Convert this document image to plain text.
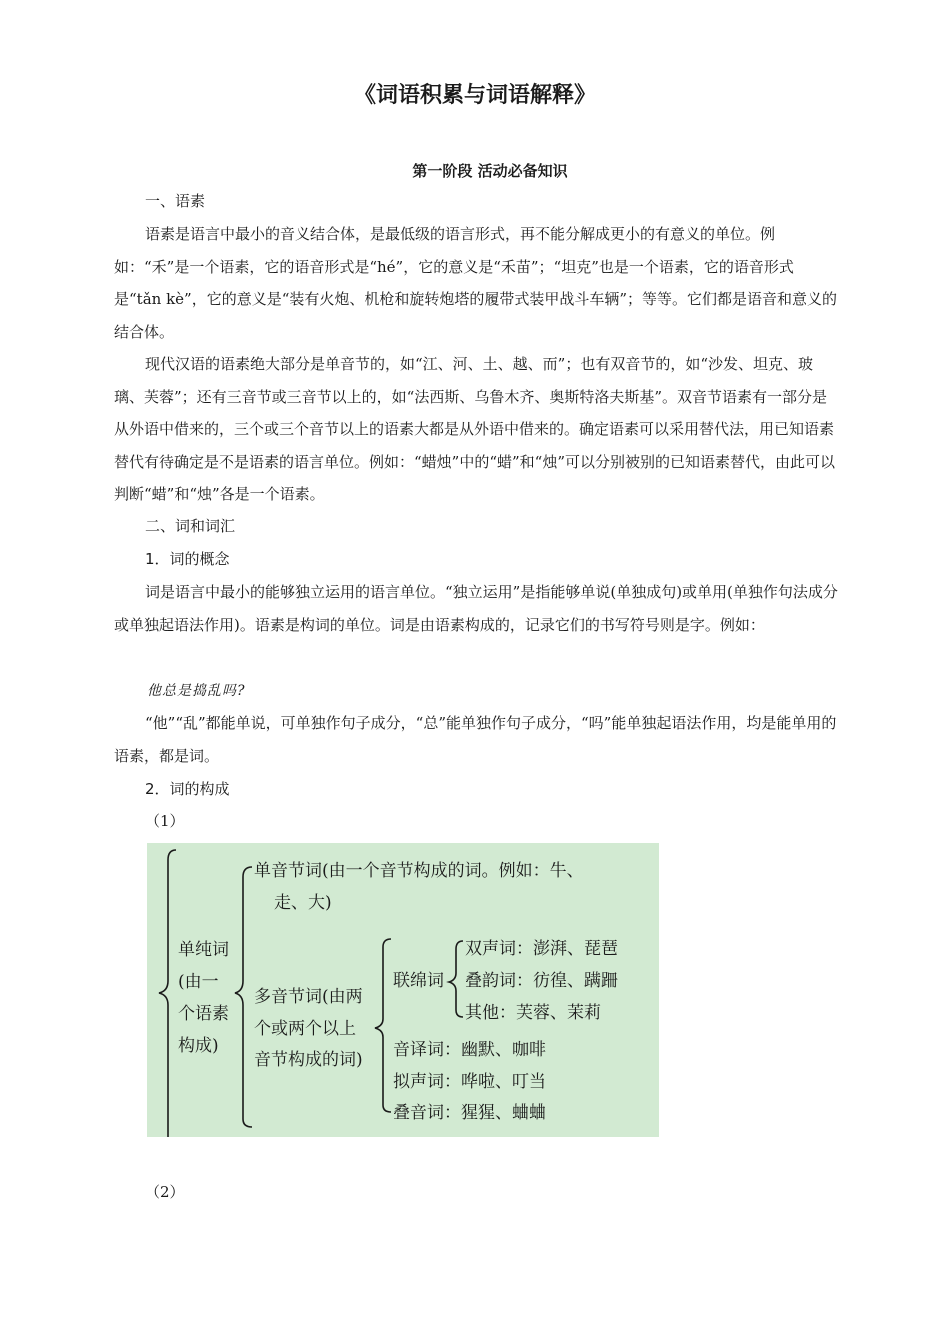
《词语积累与词语解释》
第一阶段 活动必备知识
一、语素
语素是语言中最小的音义结合体，是最低级的语言形式，再不能分解成更小的有意义的单位。例如：“禾”是一个语素，它的语音形式是“hé”，它的意义是“禾苗”；“坦克”也是一个语素，它的语音形式是“tǎn kè”，它的意义是“装有火炮、机枪和旋转炮塔的履带式装甲战斗车辆”；等等。它们都是语音和意义的结合体。
现代汉语的语素绝大部分是单音节的，如“江、河、土、越、而”；也有双音节的，如“沙发、坦克、玻璃、芙蓉”；还有三音节或三音节以上的，如“法西斯、乌鲁木齐、奥斯特洛夫斯基”。双音节语素有一部分是从外语中借来的，三个或三个音节以上的语素大都是从外语中借来的。确定语素可以采用替代法，用已知语素替代有待确定是不是语素的语言单位。例如：“蜡烛”中的“蜡”和“烛”可以分别被别的已知语素替代，由此可以判断“蜡”和“烛”各是一个语素。
二、词和词汇
1．词的概念
词是语言中最小的能够独立运用的语言单位。“独立运用”是指能够单说(单独成句)或单用(单独作句法成分或单独起语法作用)。语素是构词的单位。词是由语素构成的，记录它们的书写符号则是字。例如：
他总是捣乱吗?
“他”“乱”都能单说，可单独作句子成分，“总”能单独作句子成分，“吗”能单独起语法作用，均是能单用的语素，都是词。
2．词的构成
（1）
单纯词
(由一
个语素
构成)
单音节词(由一个音节构成的词。例如：牛、
走、大)
多音节词(由两
个或两个以上
音节构成的词)
联绵词
双声词：澎湃、琵琶
叠韵词：彷徨、蹒跚
其他：芙蓉、茉莉
音译词：幽默、咖啡
拟声词：哗啦、叮当
叠音词：猩猩、蛐蛐
（2）
